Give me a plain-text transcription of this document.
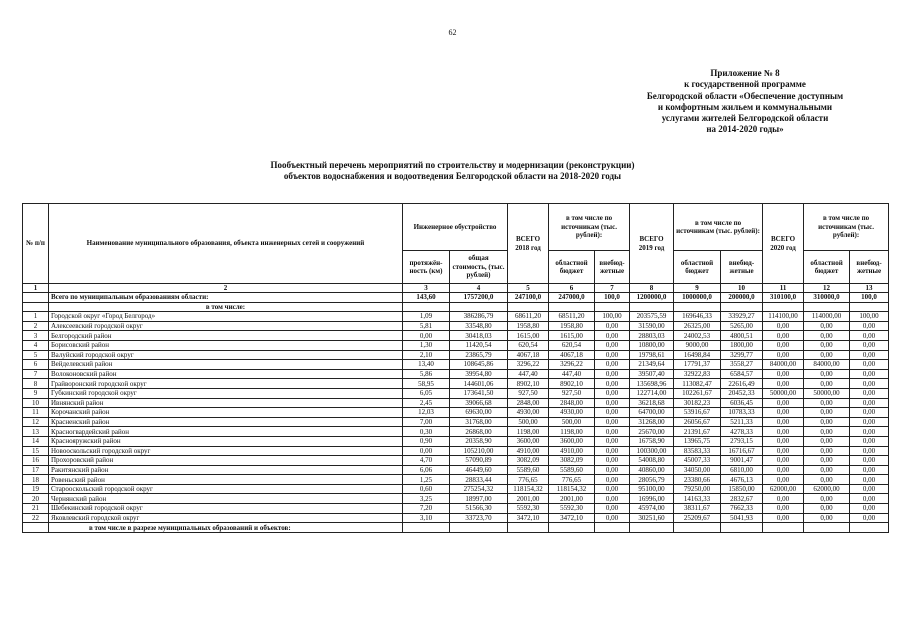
62
Приложение № 8
к государственной программе
Белгородской области «Обеспечение доступным
и комфортным жильем и коммунальными
услугами жителей Белгородской области
на 2014-2020 годы»
Пообъектный перечень мероприятий по строительству и модернизации (реконструкции)
объектов водоснабжения и водоотведения Белгородской области на 2018-2020 годы
№ п/п	Наименование муниципального образования, объекта инженерных сетей и сооружений	Инженерное обустройство		ВСЕГО 2018 год	в том числе по источникам (тыс. рублей):		ВСЕГО 2019 год	в том числе по источникам (тыс. рублей):		ВСЕГО 2020 год	в том числе по источникам (тыс. рублей):	
		протяжён-ность (км)	общая стоимость, (тыс. рублей)		областной бюджет	внебюд-жетные		областной бюджет	внебюд-жетные		областной бюджет	внебюд-жетные
1	2	3	4	5	6	7	8	9	10	11	12	13
	Всего по муниципальным образованиям области:	143,60	1757200,0	247100,0	247000,0	100,0	1200000,0	1000000,0	200000,0	310100,0	310000,0	100,0
	в том числе:											
1	Городской округ «Город Белгород»	1,09	386286,79	68611,20	68511,20	100,00	203575,59	169646,33	33929,27	114100,00	114000,00	100,00
2	Алексеевский городской округ	5,81	33548,80	1958,80	1958,80	0,00	31590,00	26325,00	5265,00	0,00	0,00	0,00
3	Белгородский район	0,00	30418,03	1615,00	1615,00	0,00	28803,03	24002,53	4800,51	0,00	0,00	0,00
4	Борисовский район	1,30	11420,54	620,54	620,54	0,00	10800,00	9000,00	1800,00	0,00	0,00	0,00
5	Валуйский городской округ	2,10	23865,79	4067,18	4067,18	0,00	19798,61	16498,84	3299,77	0,00	0,00	0,00
6	Вейделевский район	13,40	108645,86	3296,22	3296,22	0,00	21349,64	17791,37	3558,27	84000,00	84000,00	0,00
7	Волоконовский район	5,86	39954,80	447,40	447,40	0,00	39507,40	32922,83	6584,57	0,00	0,00	0,00
8	Грайворонский городской округ	58,95	144601,06	8902,10	8902,10	0,00	135698,96	113082,47	22616,49	0,00	0,00	0,00
9	Губкинский городской округ	6,05	173641,50	927,50	927,50	0,00	122714,00	102261,67	20452,33	50000,00	50000,00	0,00
10	Ивнянский район	2,45	39066,68	2848,00	2848,00	0,00	36218,68	30182,23	6036,45	0,00	0,00	0,00
11	Корочанский район	12,03	69630,00	4930,00	4930,00	0,00	64700,00	53916,67	10783,33	0,00	0,00	0,00
12	Красненский район	7,00	31768,00	500,00	500,00	0,00	31268,00	26056,67	5211,33	0,00	0,00	0,00
13	Красногвардейский район	0,30	26868,00	1198,00	1198,00	0,00	25670,00	21391,67	4278,33	0,00	0,00	0,00
14	Краснояружский район	0,90	20358,90	3600,00	3600,00	0,00	16758,90	13965,75	2793,15	0,00	0,00	0,00
15	Новооскольский городской округ	0,00	105210,00	4910,00	4910,00	0,00	100300,00	83583,33	16716,67	0,00	0,00	0,00
16	Прохоровский район	4,70	57090,89	3082,09	3082,09	0,00	54008,80	45007,33	9001,47	0,00	0,00	0,00
17	Ракитянский район	6,06	46449,60	5589,60	5589,60	0,00	40860,00	34050,00	6810,00	0,00	0,00	0,00
18	Ровеньский район	1,25	28833,44	776,65	776,65	0,00	28056,79	23380,66	4676,13	0,00	0,00	0,00
19	Старооскольский городской округ	0,60	275254,32	118154,32	118154,32	0,00	95100,00	79250,00	15850,00	62000,00	62000,00	0,00
20	Чернянский район	3,25	18997,00	2001,00	2001,00	0,00	16996,00	14163,33	2832,67	0,00	0,00	0,00
21	Шебекинский городской округ	7,20	51566,30	5592,30	5592,30	0,00	45974,00	38311,67	7662,33	0,00	0,00	0,00
22	Яковлевский городской округ	3,10	33723,70	3472,10	3472,10	0,00	30251,60	25209,67	5041,93	0,00	0,00	0,00
	в том числе в разрезе муниципальных образований и объектов:											
